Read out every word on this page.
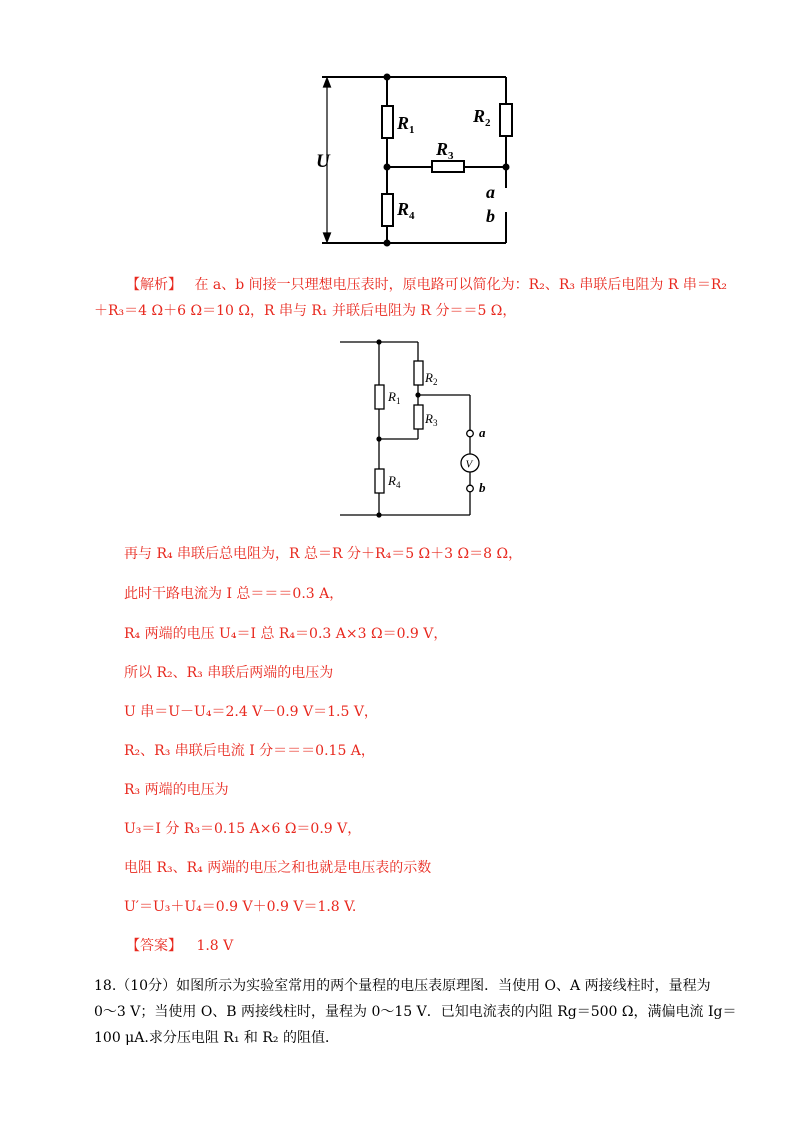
U
$R_1$
$R_2$
$R_3$
$R_4$
a
b
【解析】 在 a、b 间接一只理想电压表时，原电路可以简化为：R₂、R₃ 串联后电阻为 R 串＝R₂
＋R₃＝4 Ω＋6 Ω＝10 Ω，R 串与 R₁ 并联后电阻为 R 分＝＝5 Ω，
$R_1$
$R_2$
$R_3$
$R_4$
a
b
V
再与 R₄ 串联后总电阻为，R 总＝R 分＋R₄＝5 Ω＋3 Ω＝8 Ω，
此时干路电流为 I 总＝＝＝0.3 A，
R₄ 两端的电压 U₄＝I 总 R₄＝0.3 A×3 Ω＝0.9 V，
所以 R₂、R₃ 串联后两端的电压为
U 串＝U－U₄＝2.4 V－0.9 V＝1.5 V，
R₂、R₃ 串联后电流 I 分＝＝＝0.15 A，
R₃ 两端的电压为
U₃＝I 分 R₃＝0.15 A×6 Ω＝0.9 V，
电阻 R₃、R₄ 两端的电压之和也就是电压表的示数
U′＝U₃＋U₄＝0.9 V＋0.9 V＝1.8 V.
【答案】 1.8 V
18.（10分）如图所示为实验室常用的两个量程的电压表原理图．当使用 O、A 两接线柱时，量程为
0～3 V；当使用 O、B 两接线柱时，量程为 0～15 V．已知电流表的内阻 Rg＝500 Ω，满偏电流 Ig＝
100 μA.求分压电阻 R₁ 和 R₂ 的阻值．
